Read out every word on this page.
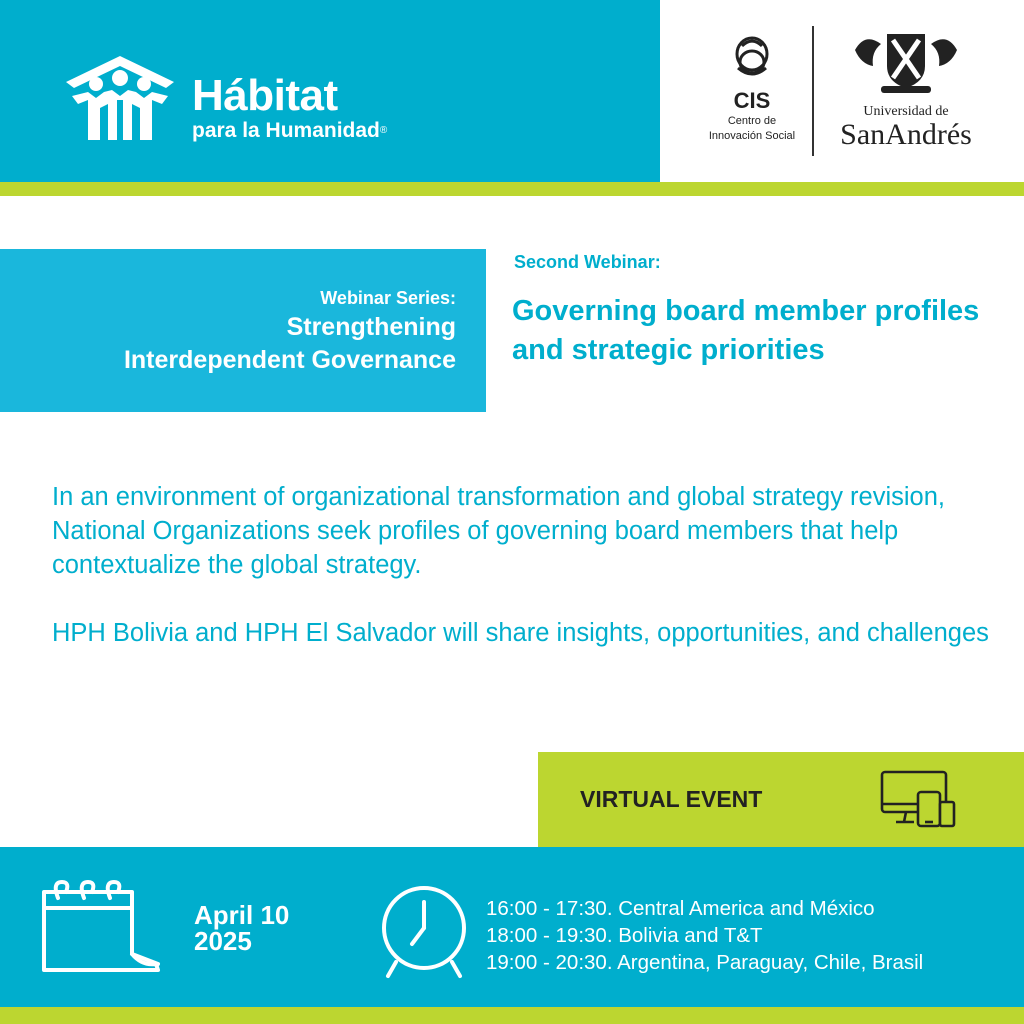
Hábitat
para la Humanidad®
CIS
Centro de
Innovación Social
Universidad de
SanAndrés
Webinar Series:
Strengthening
Interdependent Governance
Second Webinar:
Governing board member profiles and strategic priorities

In an environment of organizational transformation and global strategy revision, National Organizations seek profiles of governing board members that help contextualize the global strategy.

HPH Bolivia and HPH El Salvador will share insights, opportunities, and challenges

VIRTUAL EVENT
April 10
2025
16:00 - 17:30. Central America and México
18:00 - 19:30. Bolivia and T&T
19:00 - 20:30. Argentina, Paraguay, Chile, Brasil
